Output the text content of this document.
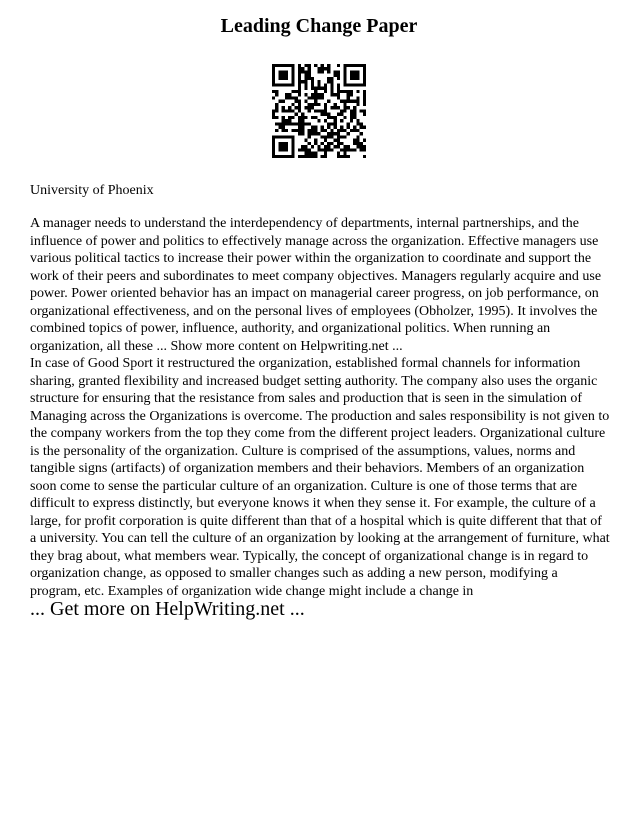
Leading Change Paper
University of Phoenix

A manager needs to understand the interdependency of departments, internal partnerships, and the influence of power and politics to effectively manage across the organization. Effective managers use various political tactics to increase their power within the organization to coordinate and support the work of their peers and subordinates to meet company objectives. Managers regularly acquire and use power. Power oriented behavior has an impact on managerial career progress, on job performance, on organizational effectiveness, and on the personal lives of employees (Obholzer, 1995). It involves the combined topics of power, influence, authority, and organizational politics. When running an organization, all these ... Show more content on Helpwriting.net ...

In case of Good Sport it restructured the organization, established formal channels for information sharing, granted flexibility and increased budget setting authority. The company also uses the organic structure for ensuring that the resistance from sales and production that is seen in the simulation of Managing across the Organizations is overcome. The production and sales responsibility is not given to the company workers from the top they come from the different project leaders. Organizational culture is the personality of the organization. Culture is comprised of the assumptions, values, norms and tangible signs (artifacts) of organization members and their behaviors. Members of an organization soon come to sense the particular culture of an organization. Culture is one of those terms that are difficult to express distinctly, but everyone knows it when they sense it. For example, the culture of a large, for profit corporation is quite different than that of a hospital which is quite different that that of a university. You can tell the culture of an organization by looking at the arrangement of furniture, what they brag about, what members wear. Typically, the concept of organizational change is in regard to organization change, as opposed to smaller changes such as adding a new person, modifying a program, etc. Examples of organization wide change might include a change in

... Get more on HelpWriting.net ...
